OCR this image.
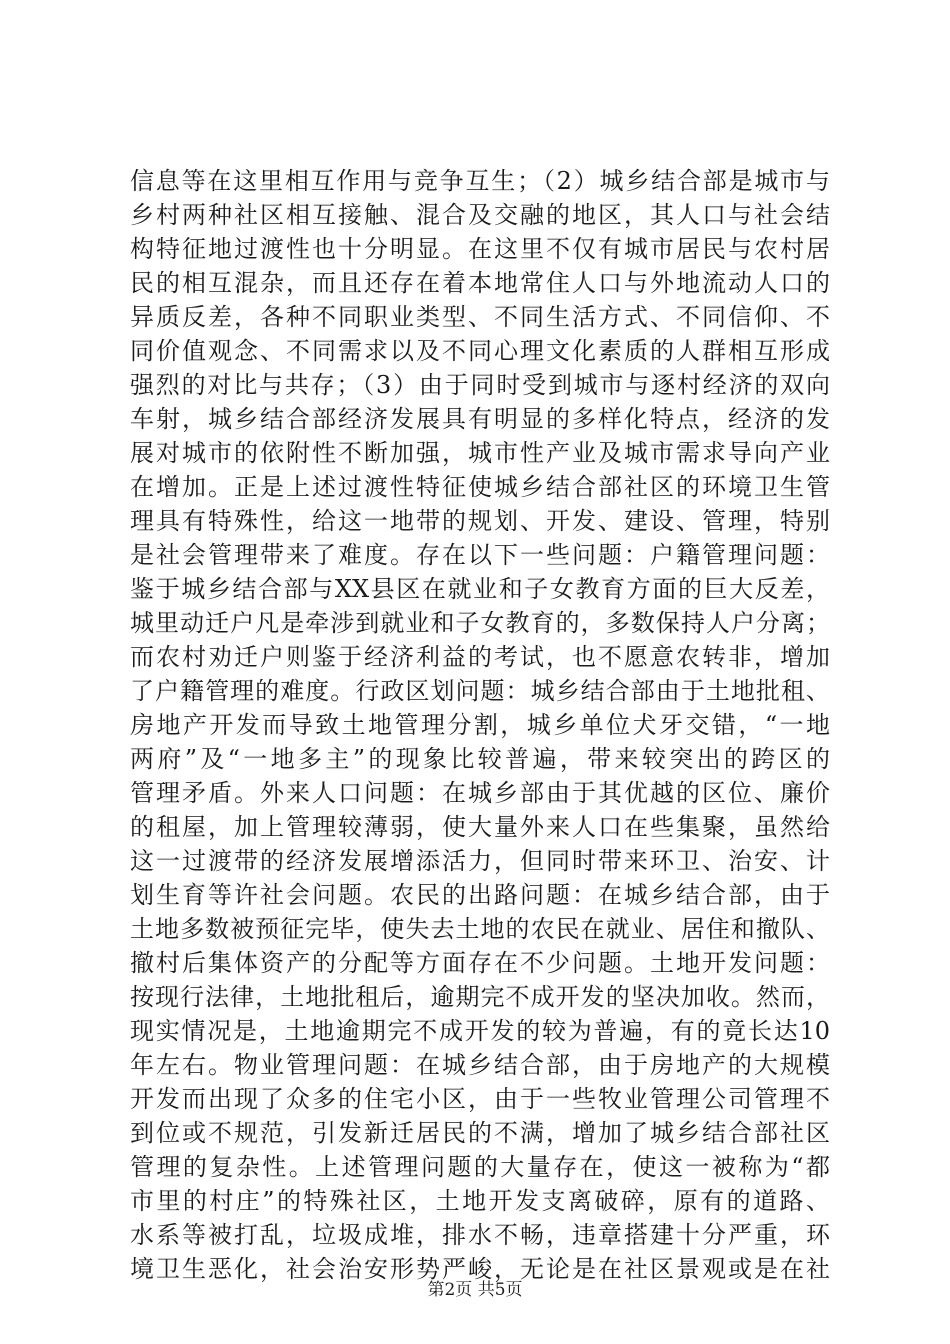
信息等在这里相互作用与竞争互生；（2）城乡结合部是城市与
乡村两种社区相互接触、混合及交融的地区，其人口与社会结
构特征地过渡性也十分明显。在这里不仅有城市居民与农村居
民的相互混杂，而且还存在着本地常住人口与外地流动人口的
异质反差，各种不同职业类型、不同生活方式、不同信仰、不
同价值观念、不同需求以及不同心理文化素质的人群相互形成
强烈的对比与共存；（3）由于同时受到城市与逐村经济的双向
车射，城乡结合部经济发展具有明显的多样化特点，经济的发
展对城市的依附性不断加强，城市性产业及城市需求导向产业
在增加。正是上述过渡性特征使城乡结合部社区的环境卫生管
理具有特殊性，给这一地带的规划、开发、建设、管理，特别
是社会管理带来了难度。存在以下一些问题：户籍管理问题：
鉴于城乡结合部与XX县区在就业和子女教育方面的巨大反差，
城里动迁户凡是牵涉到就业和子女教育的，多数保持人户分离；
而农村劝迁户则鉴于经济利益的考试，也不愿意农转非，增加
了户籍管理的难度。行政区划问题：城乡结合部由于土地批租、
房地产开发而导致土地管理分割，城乡单位犬牙交错，“一地
两府”及“一地多主”的现象比较普遍，带来较突出的跨区的
管理矛盾。外来人口问题：在城乡部由于其优越的区位、廉价
的租屋，加上管理较薄弱，使大量外来人口在些集聚，虽然给
这一过渡带的经济发展增添活力，但同时带来环卫、治安、计
划生育等许社会问题。农民的出路问题：在城乡结合部，由于
土地多数被预征完毕，使失去土地的农民在就业、居住和撤队、
撤村后集体资产的分配等方面存在不少问题。土地开发问题：
按现行法律，土地批租后，逾期完不成开发的坚决加收。然而，
现实情况是，土地逾期完不成开发的较为普遍，有的竟长达10
年左右。物业管理问题：在城乡结合部，由于房地产的大规模
开发而出现了众多的住宅小区，由于一些牧业管理公司管理不
到位或不规范，引发新迁居民的不满，增加了城乡结合部社区
管理的复杂性。上述管理问题的大量存在，使这一被称为“都
市里的村庄”的特殊社区，土地开发支离破碎，原有的道路、
水系等被打乱，垃圾成堆，排水不畅，违章搭建十分严重，环
境卫生恶化，社会治安形势严峻，无论是在社区景观或是在社
第2页 共5页
